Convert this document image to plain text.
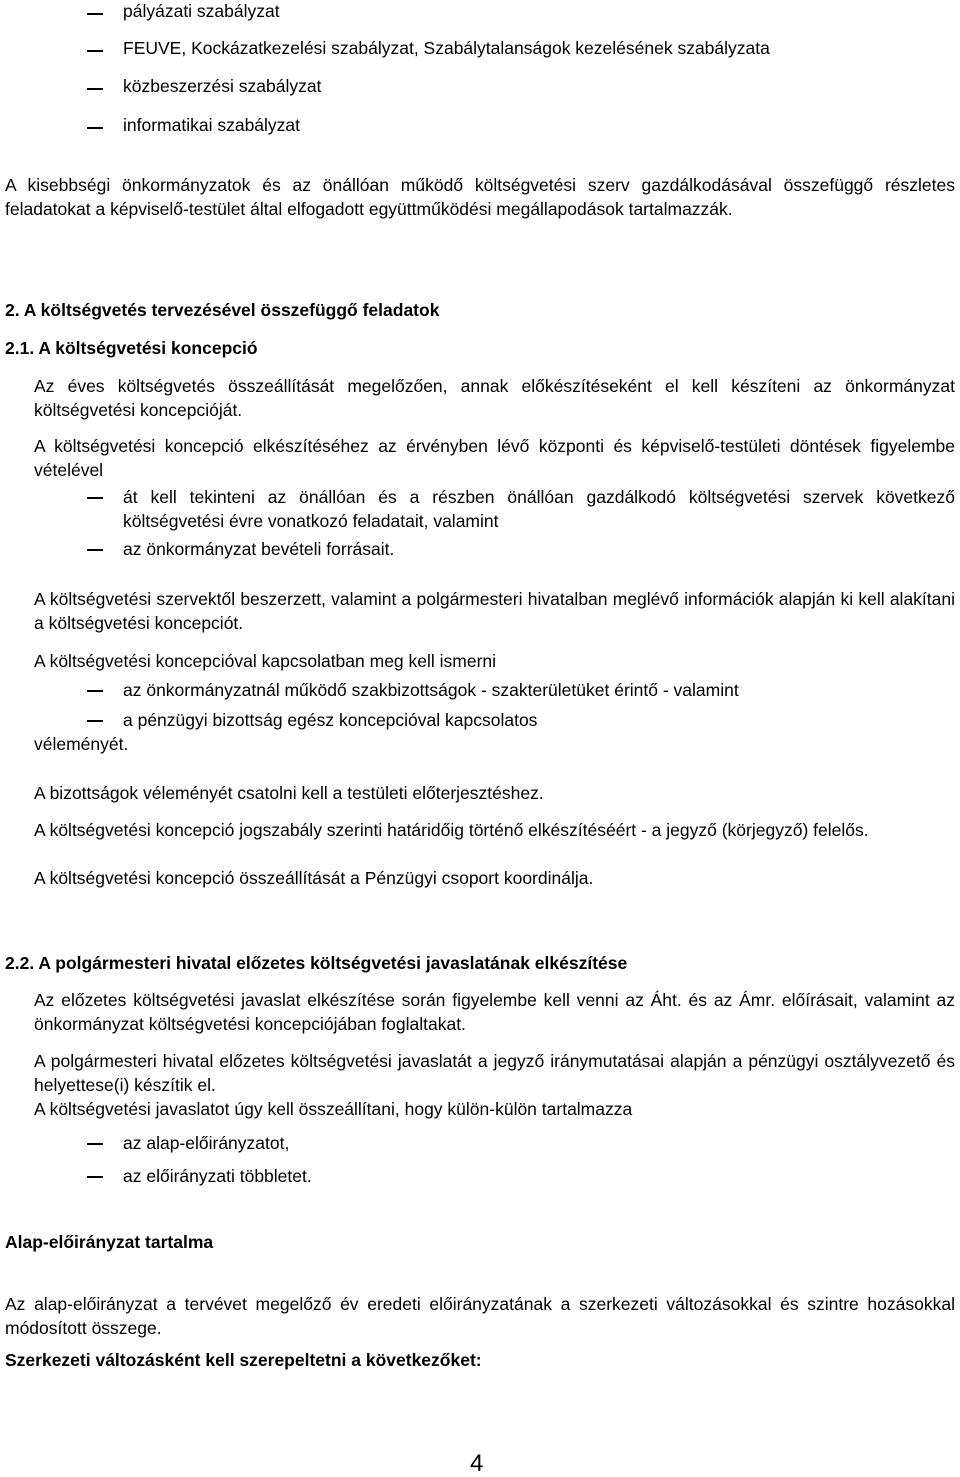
pályázati szabályzat

FEUVE, Kockázatkezelési szabályzat, Szabálytalanságok kezelésének szabályzata

közbeszerzési szabályzat

informatikai szabályzat

A kisebbségi önkormányzatok és az önállóan működő költségvetési szerv gazdálkodásával összefüggő részletes feladatokat a képviselő-testület által elfogadott együttműködési megállapodások tartalmazzák.

2. A költségvetés tervezésével összefüggő feladatok

2.1. A költségvetési koncepció

Az éves költségvetés összeállítását megelőzően, annak előkészítéseként el kell készíteni az önkormányzat költségvetési koncepcióját.

A költségvetési koncepció elkészítéséhez az érvényben lévő központi és képviselő-testületi döntések figyelembe vételével

át kell tekinteni az önállóan és a részben önállóan gazdálkodó költségvetési szervek következő költségvetési évre vonatkozó feladatait, valamint

az önkormányzat bevételi forrásait.

A költségvetési szervektől beszerzett, valamint a polgármesteri hivatalban meglévő információk alapján ki kell alakítani a költségvetési koncepciót.

A költségvetési koncepcióval kapcsolatban meg kell ismerni

az önkormányzatnál működő szakbizottságok - szakterületüket érintő - valamint

a pénzügyi bizottság egész koncepcióval kapcsolatos

véleményét.

A bizottságok véleményét csatolni kell a testületi előterjesztéshez.

A költségvetési koncepció jogszabály szerinti határidőig történő elkészítéséért - a jegyző (körjegyző) felelős.

A költségvetési koncepció összeállítását a Pénzügyi csoport koordinálja.

2.2. A polgármesteri hivatal előzetes költségvetési javaslatának elkészítése

Az előzetes költségvetési javaslat elkészítése során figyelembe kell venni az Áht. és az Ámr. előírásait, valamint az önkormányzat költségvetési koncepciójában foglaltakat.

A polgármesteri hivatal előzetes költségvetési javaslatát a jegyző iránymutatásai alapján a pénzügyi osztályvezető és helyettese(i) készítik el.

A költségvetési javaslatot úgy kell összeállítani, hogy külön-külön tartalmazza

az alap-előirányzatot,

az előirányzati többletet.

Alap-előirányzat tartalma

Az alap-előirányzat a tervévet megelőző év eredeti előirányzatának a szerkezeti változásokkal és szintre hozásokkal módosított összege.

Szerkezeti változásként kell szerepeltetni a következőket:

4
